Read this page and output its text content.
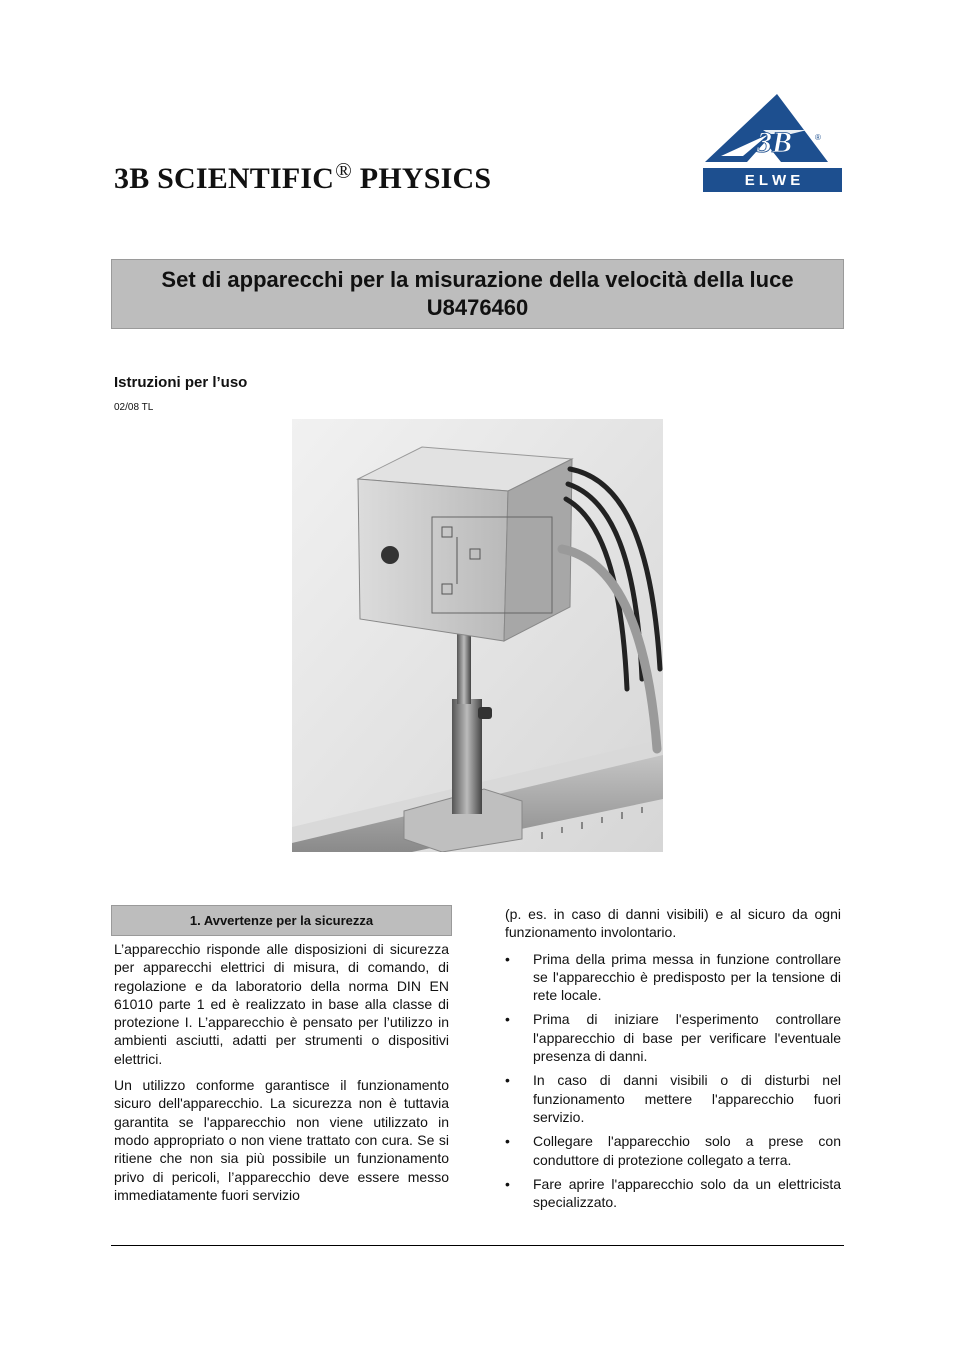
3B SCIENTIFIC® PHYSICS
3B	®
E L W E
Set di apparecchi per la misurazione della velocità della luce
U8476460
Istruzioni per l’uso
02/08 TL
1. Avvertenze per la sicurezza

L’apparecchio risponde alle disposizioni di sicurezza per apparecchi elettrici di misura, di comando, di regolazione e da laboratorio della norma DIN EN 61010 parte 1 ed è realizzato in base alla classe di protezione I. L’apparecchio è pensato per l’utilizzo in ambienti asciutti, adatti per strumenti o dispositivi elettrici.

Un utilizzo conforme garantisce il funzionamento sicuro dell'apparecchio. La sicurezza non è tuttavia garantita se l'apparecchio non viene utilizzato in modo appropriato o non viene trattato con cura. Se si ritiene che non sia più possibile un funzionamento privo di pericoli, l’apparecchio deve essere messo immediatamente fuori servizio

(p. es. in caso di danni visibili) e al sicuro da ogni funzionamento involontario.

• Prima della prima messa in funzione controllare se l'apparecchio è predisposto per la tensione di rete locale.
• Prima di iniziare l'esperimento controllare l'apparecchio di base per verificare l'eventuale presenza di danni.
• In caso di danni visibili o di disturbi nel funzionamento mettere l'apparecchio fuori servizio.
• Collegare l'apparecchio solo a prese con conduttore di protezione collegato a terra.
• Fare aprire l'apparecchio solo da un elettricista specializzato.
